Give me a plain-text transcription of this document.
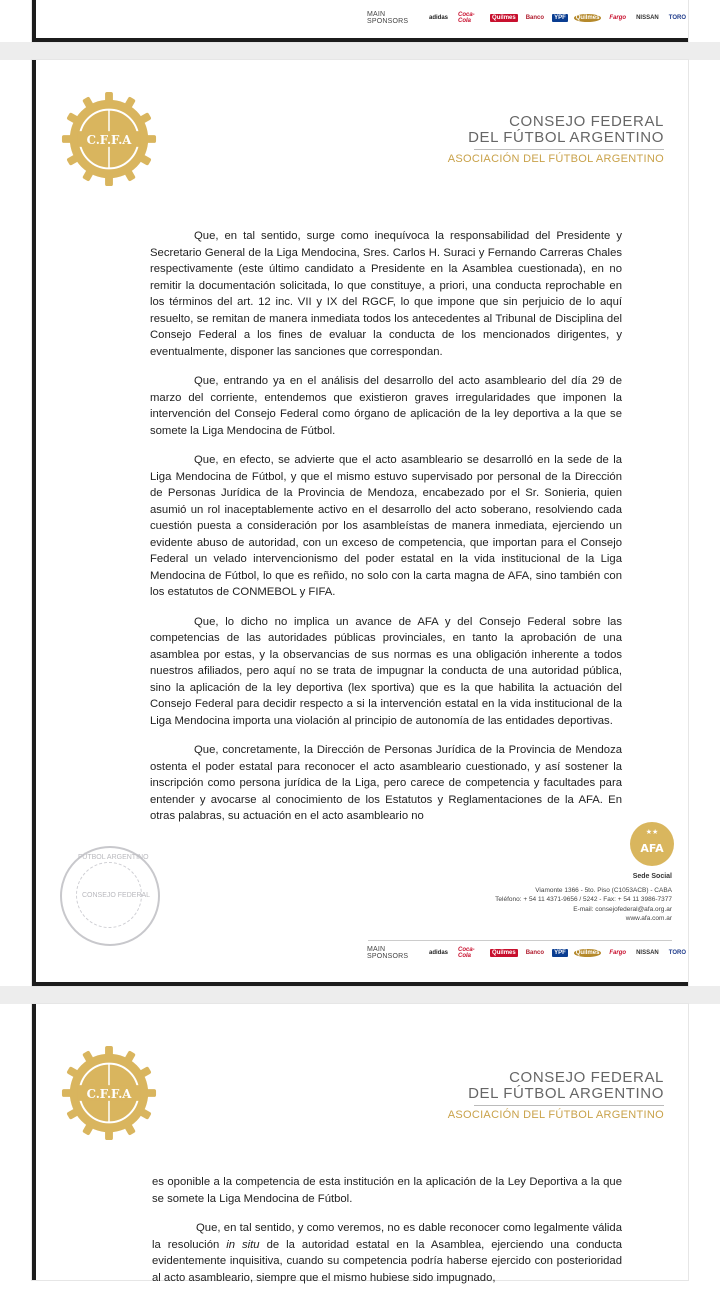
MAIN SPONSORS	adidas	Coca-Cola	Quilmes	Banco	YPF	Quilmes	Fargo	NISSAN	TORO
C.F.F.A
CONSEJO FEDERAL
DEL FÚTBOL ARGENTINO
ASOCIACIÓN DEL FÚTBOL ARGENTINO

Que, en tal sentido, surge como inequívoca la responsabilidad del Presidente y Secretario General de la Liga Mendocina, Sres. Carlos H. Suraci y Fernando Carreras Chales respectivamente (este último candidato a Presidente en la Asamblea cuestionada), en no remitir la documentación solicitada, lo que constituye, a priori, una conducta reprochable en los términos del art. 12 inc. VII y IX del RGCF, lo que impone que sin perjuicio de lo aquí resuelto, se remitan de manera inmediata todos los antecedentes al Tribunal de Disciplina del Consejo Federal a los fines de evaluar la conducta de los mencionados dirigentes, y eventualmente, disponer las sanciones que correspondan.

Que, entrando ya en el análisis del desarrollo del acto asambleario del día 29 de marzo del corriente, entendemos que existieron graves irregularidades que imponen la intervención del Consejo Federal como órgano de aplicación de la ley deportiva a la que se somete la Liga Mendocina de Fútbol.

Que, en efecto, se advierte que el acto asambleario se desarrolló en la sede de la Liga Mendocina de Fútbol, y que el mismo estuvo supervisado por personal de la Dirección de Personas Jurídica de la Provincia de Mendoza, encabezado por el Sr. Sonieria, quien asumió un rol inaceptablemente activo en el desarrollo del acto soberano, resolviendo cada cuestión puesta a consideración por los asambleístas de manera inmediata, ejerciendo un evidente abuso de autoridad, con un exceso de competencia, que importan para el Consejo Federal un velado intervencionismo del poder estatal en la vida institucional de la Liga Mendocina de Fútbol, lo que es reñido, no solo con la carta magna de AFA, sino también con los estatutos de CONMEBOL y FIFA.

Que, lo dicho no implica un avance de AFA y del Consejo Federal sobre las competencias de las autoridades públicas provinciales, en tanto la aprobación de una asamblea por estas, y la observancias de sus normas es una obligación inherente a todos nuestros afiliados, pero aquí no se trata de impugnar la conducta de una autoridad pública, sino la aplicación de la ley deportiva (lex sportiva) que es la que habilita la actuación del Consejo Federal para decidir respecto a si la intervención estatal en la vida institucional de la Liga Mendocina importa una violación al principio de autonomía de las entidades deportivas.

Que, concretamente, la Dirección de Personas Jurídica de la Provincia de Mendoza ostenta el poder estatal para reconocer el acto asambleario cuestionado, y así sostener la inscripción como persona jurídica de la Liga, pero carece de competencia y facultades para entender y avocarse al conocimiento de los Estatutos y Reglamentaciones de la AFA. En otras palabras, su actuación en el acto asambleario no

FÚTBOL ARGENTINO
CONSEJO FEDERAL
★★
AFA
Sede Social
Viamonte 1366 - 5to. Piso (C1053ACB) - CABA
Teléfono: + 54 11 4371-9656 / 5242 - Fax: + 54 11 3986-7377
E-mail: consejofederal@afa.org.ar
www.afa.com.ar
MAIN SPONSORS	adidas	Coca-Cola	Quilmes	Banco	YPF	Quilmes	Fargo	NISSAN	TORO
C.F.F.A
CONSEJO FEDERAL
DEL FÚTBOL ARGENTINO
ASOCIACIÓN DEL FÚTBOL ARGENTINO

es oponible a la competencia de esta institución en la aplicación de la Ley Deportiva a la que se somete la Liga Mendocina de Fútbol.

Que, en tal sentido, y como veremos, no es dable reconocer como legalmente válida la resolución in situ de la autoridad estatal en la Asamblea, ejerciendo una conducta evidentemente inquisitiva, cuando su competencia podría haberse ejercido con posterioridad al acto asambleario, siempre que el mismo hubiese sido impugnado,
